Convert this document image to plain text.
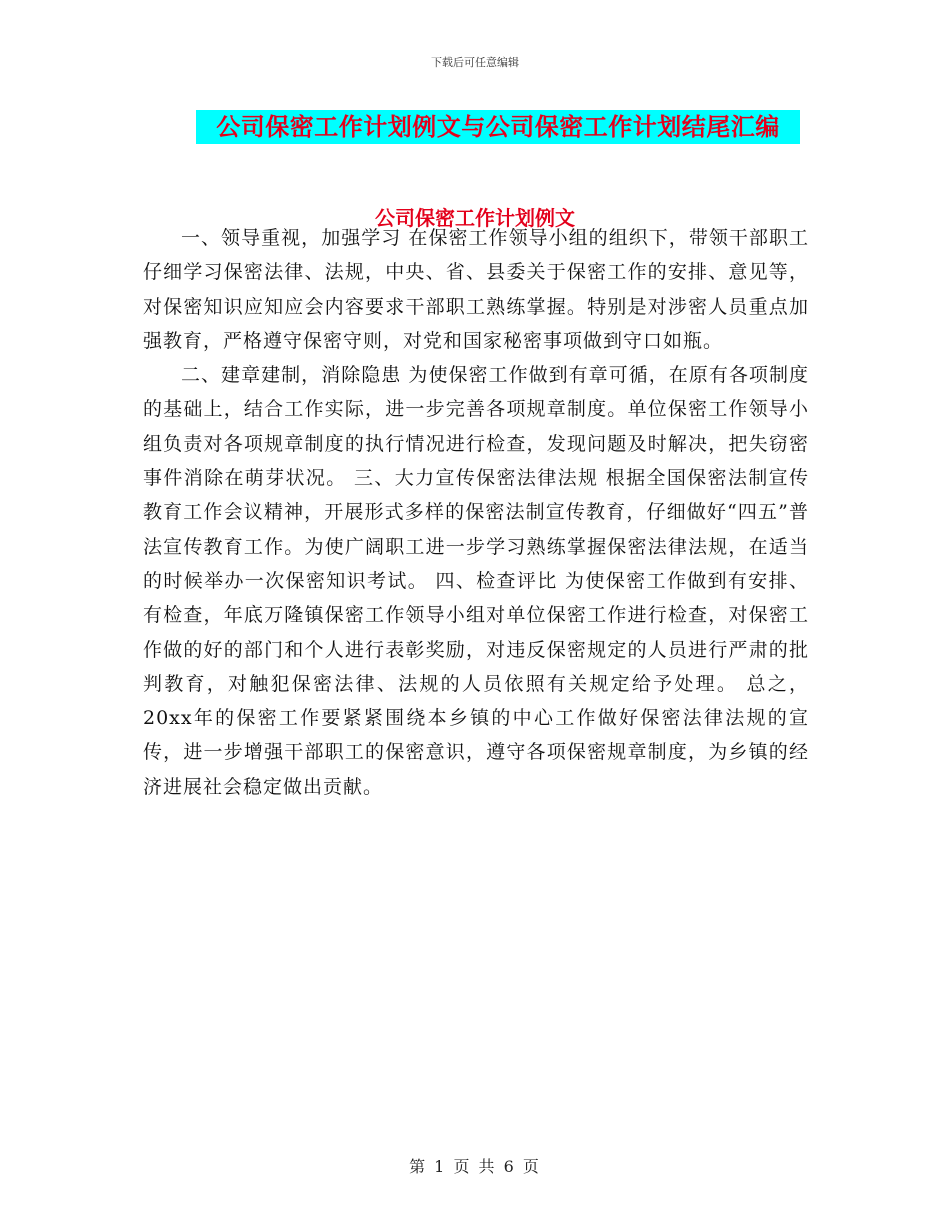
下载后可任意编辑
公司保密工作计划例文与公司保密工作计划结尾汇编
公司保密工作计划例文

一、领导重视，加强学习 在保密工作领导小组的组织下，带领干部职工仔细学习保密法律、法规，中央、省、县委关于保密工作的安排、意见等，对保密知识应知应会内容要求干部职工熟练掌握。特别是对涉密人员重点加强教育，严格遵守保密守则，对党和国家秘密事项做到守口如瓶。

二、建章建制，消除隐患 为使保密工作做到有章可循，在原有各项制度的基础上，结合工作实际，进一步完善各项规章制度。单位保密工作领导小组负责对各项规章制度的执行情况进行检查，发现问题及时解决，把失窃密事件消除在萌芽状况。 三、大力宣传保密法律法规 根据全国保密法制宣传教育工作会议精神，开展形式多样的保密法制宣传教育，仔细做好“四五”普法宣传教育工作。为使广阔职工进一步学习熟练掌握保密法律法规，在适当的时候举办一次保密知识考试。 四、检查评比 为使保密工作做到有安排、有检查，年底万隆镇保密工作领导小组对单位保密工作进行检查，对保密工作做的好的部门和个人进行表彰奖励，对违反保密规定的人员进行严肃的批判教育，对触犯保密法律、法规的人员依照有关规定给予处理。 总之，20xx年的保密工作要紧紧围绕本乡镇的中心工作做好保密法律法规的宣传，进一步增强干部职工的保密意识，遵守各项保密规章制度，为乡镇的经济进展社会稳定做出贡献。

第 1 页 共 6 页
